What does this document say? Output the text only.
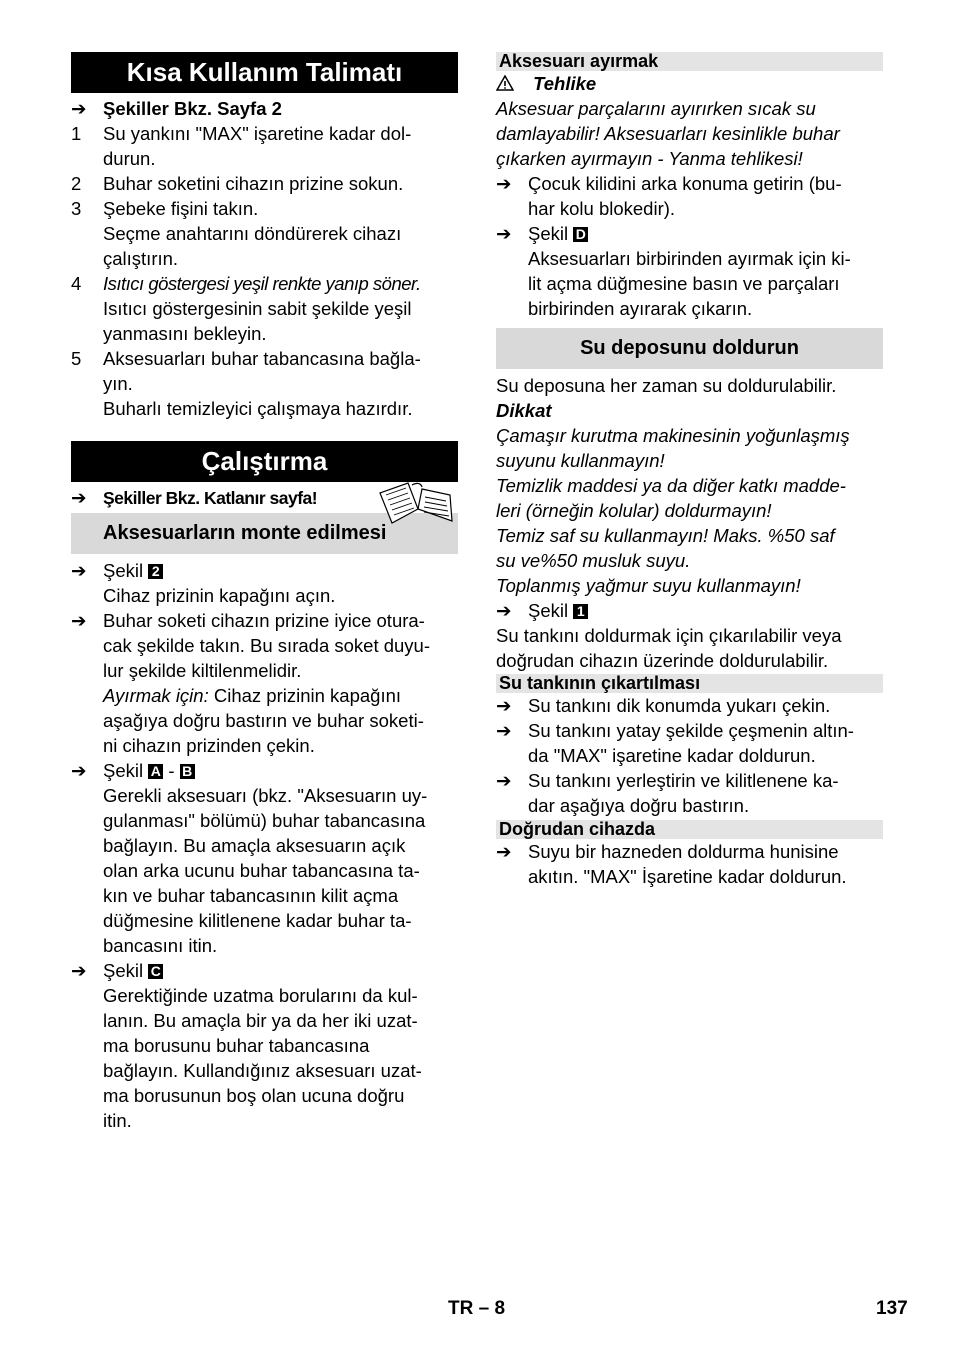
Kısa Kullanım Talimatı
➔ Şekiller Bkz. Sayfa 2
1 Su yankını "MAX" işaretine kadar dol-
durun.
2 Buhar soketini cihazın prizine sokun.
3 Şebeke fişini takın.
Seçme anahtarını döndürerek cihazı
çalıştırın.
4 Isıtıcı göstergesi yeşil renkte yanıp söner.
Isıtıcı göstergesinin sabit şekilde yeşil
yanmasını bekleyin.
5 Aksesuarları buhar tabancasına bağla-
yın.
Buharlı temizleyici çalışmaya hazırdır.
Çalıştırma
➔ Şekiller Bkz. Katlanır sayfa!
Aksesuarların monte edilmesi
➔ Şekil 2
Cihaz prizinin kapağını açın.
➔ Buhar soketi cihazın prizine iyice otura-
cak şekilde takın. Bu sırada soket duyu-
lur şekilde kiltilenmelidir.
Ayırmak için: Cihaz prizinin kapağını
aşağıya doğru bastırın ve buhar soketi-
ni cihazın prizinden çekin.
➔ Şekil A - B
Gerekli aksesuarı (bkz. "Aksesuarın uy-
gulanması" bölümü) buhar tabancasına
bağlayın. Bu amaçla aksesuarın açık
olan arka ucunu buhar tabancasına ta-
kın ve buhar tabancasının kilit açma
düğmesine kilitlenene kadar buhar ta-
bancasını itin.
➔ Şekil C
Gerektiğinde uzatma borularını da kul-
lanın. Bu amaçla bir ya da her iki uzat-
ma borusunu buhar tabancasına
bağlayın. Kullandığınız aksesuarı uzat-
ma borusunun boş olan ucuna doğru
itin.
Aksesuarı ayırmak
Tehlike
Aksesuar parçalarını ayırırken sıcak su
damlayabilir! Aksesuarları kesinlikle buhar
çıkarken ayırmayın - Yanma tehlikesi!
➔ Çocuk kilidini arka konuma getirin (bu-
har kolu blokedir).
➔ Şekil D
Aksesuarları birbirinden ayırmak için ki-
lit açma düğmesine basın ve parçaları
birbirinden ayırarak çıkarın.
Su deposunu doldurun
Su deposuna her zaman su doldurulabilir.
Dikkat
Çamaşır kurutma makinesinin yoğunlaşmış
suyunu kullanmayın!
Temizlik maddesi ya da diğer katkı madde-
leri (örneğin kolular) doldurmayın!
Temiz saf su kullanmayın! Maks. %50 saf
su ve%50 musluk suyu.
Toplanmış yağmur suyu kullanmayın!
➔ Şekil 1
Su tankını doldurmak için çıkarılabilir veya
doğrudan cihazın üzerinde doldurulabilir.
Su tankının çıkartılması
➔ Su tankını dik konumda yukarı çekin.
➔ Su tankını yatay şekilde çeşmenin altın-
da "MAX" işaretine kadar doldurun.
➔ Su tankını yerleştirin ve kilitlenene ka-
dar aşağıya doğru bastırın.
Doğrudan cihazda
➔ Suyu bir hazneden doldurma hunisine
akıtın. "MAX" İşaretine kadar doldurun.
TR – 8	137
